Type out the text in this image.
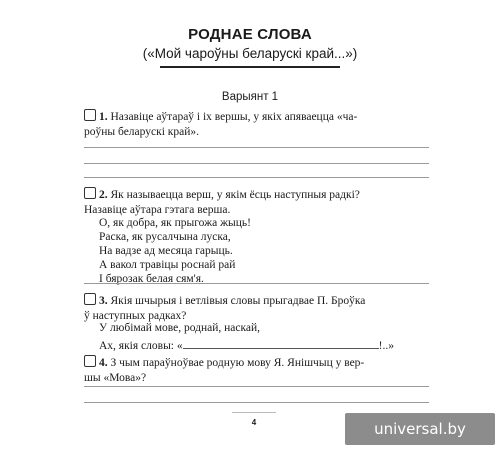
РОДНАЕ СЛОВА
(«Мой чароўны беларускі край...»)
Варыянт 1
1. Назавіце аўтараў і іх вершы, у якіх апяваецца «ча-
роўны беларускі край».
2. Як называецца верш, у якім ёсць наступныя радкі?
Назавіце аўтара гэтага верша.
О, як добра, як прыгожа жыць!
Раска, як русалчына луска,
На вадзе ад месяца гарыць.
А вакол травіцы роснай рай
І бярозак белая сям'я.
3. Якія шчырыя і ветлівыя словы прыгадвае П. Броўка
ў наступных радках?
У любімай мове, роднай, наскай,
Ах, якія словы: «	!..»
4. З чым параўноўвае родную мову Я. Янішчыц у вер-
шы «Мова»?
4	universal.by
